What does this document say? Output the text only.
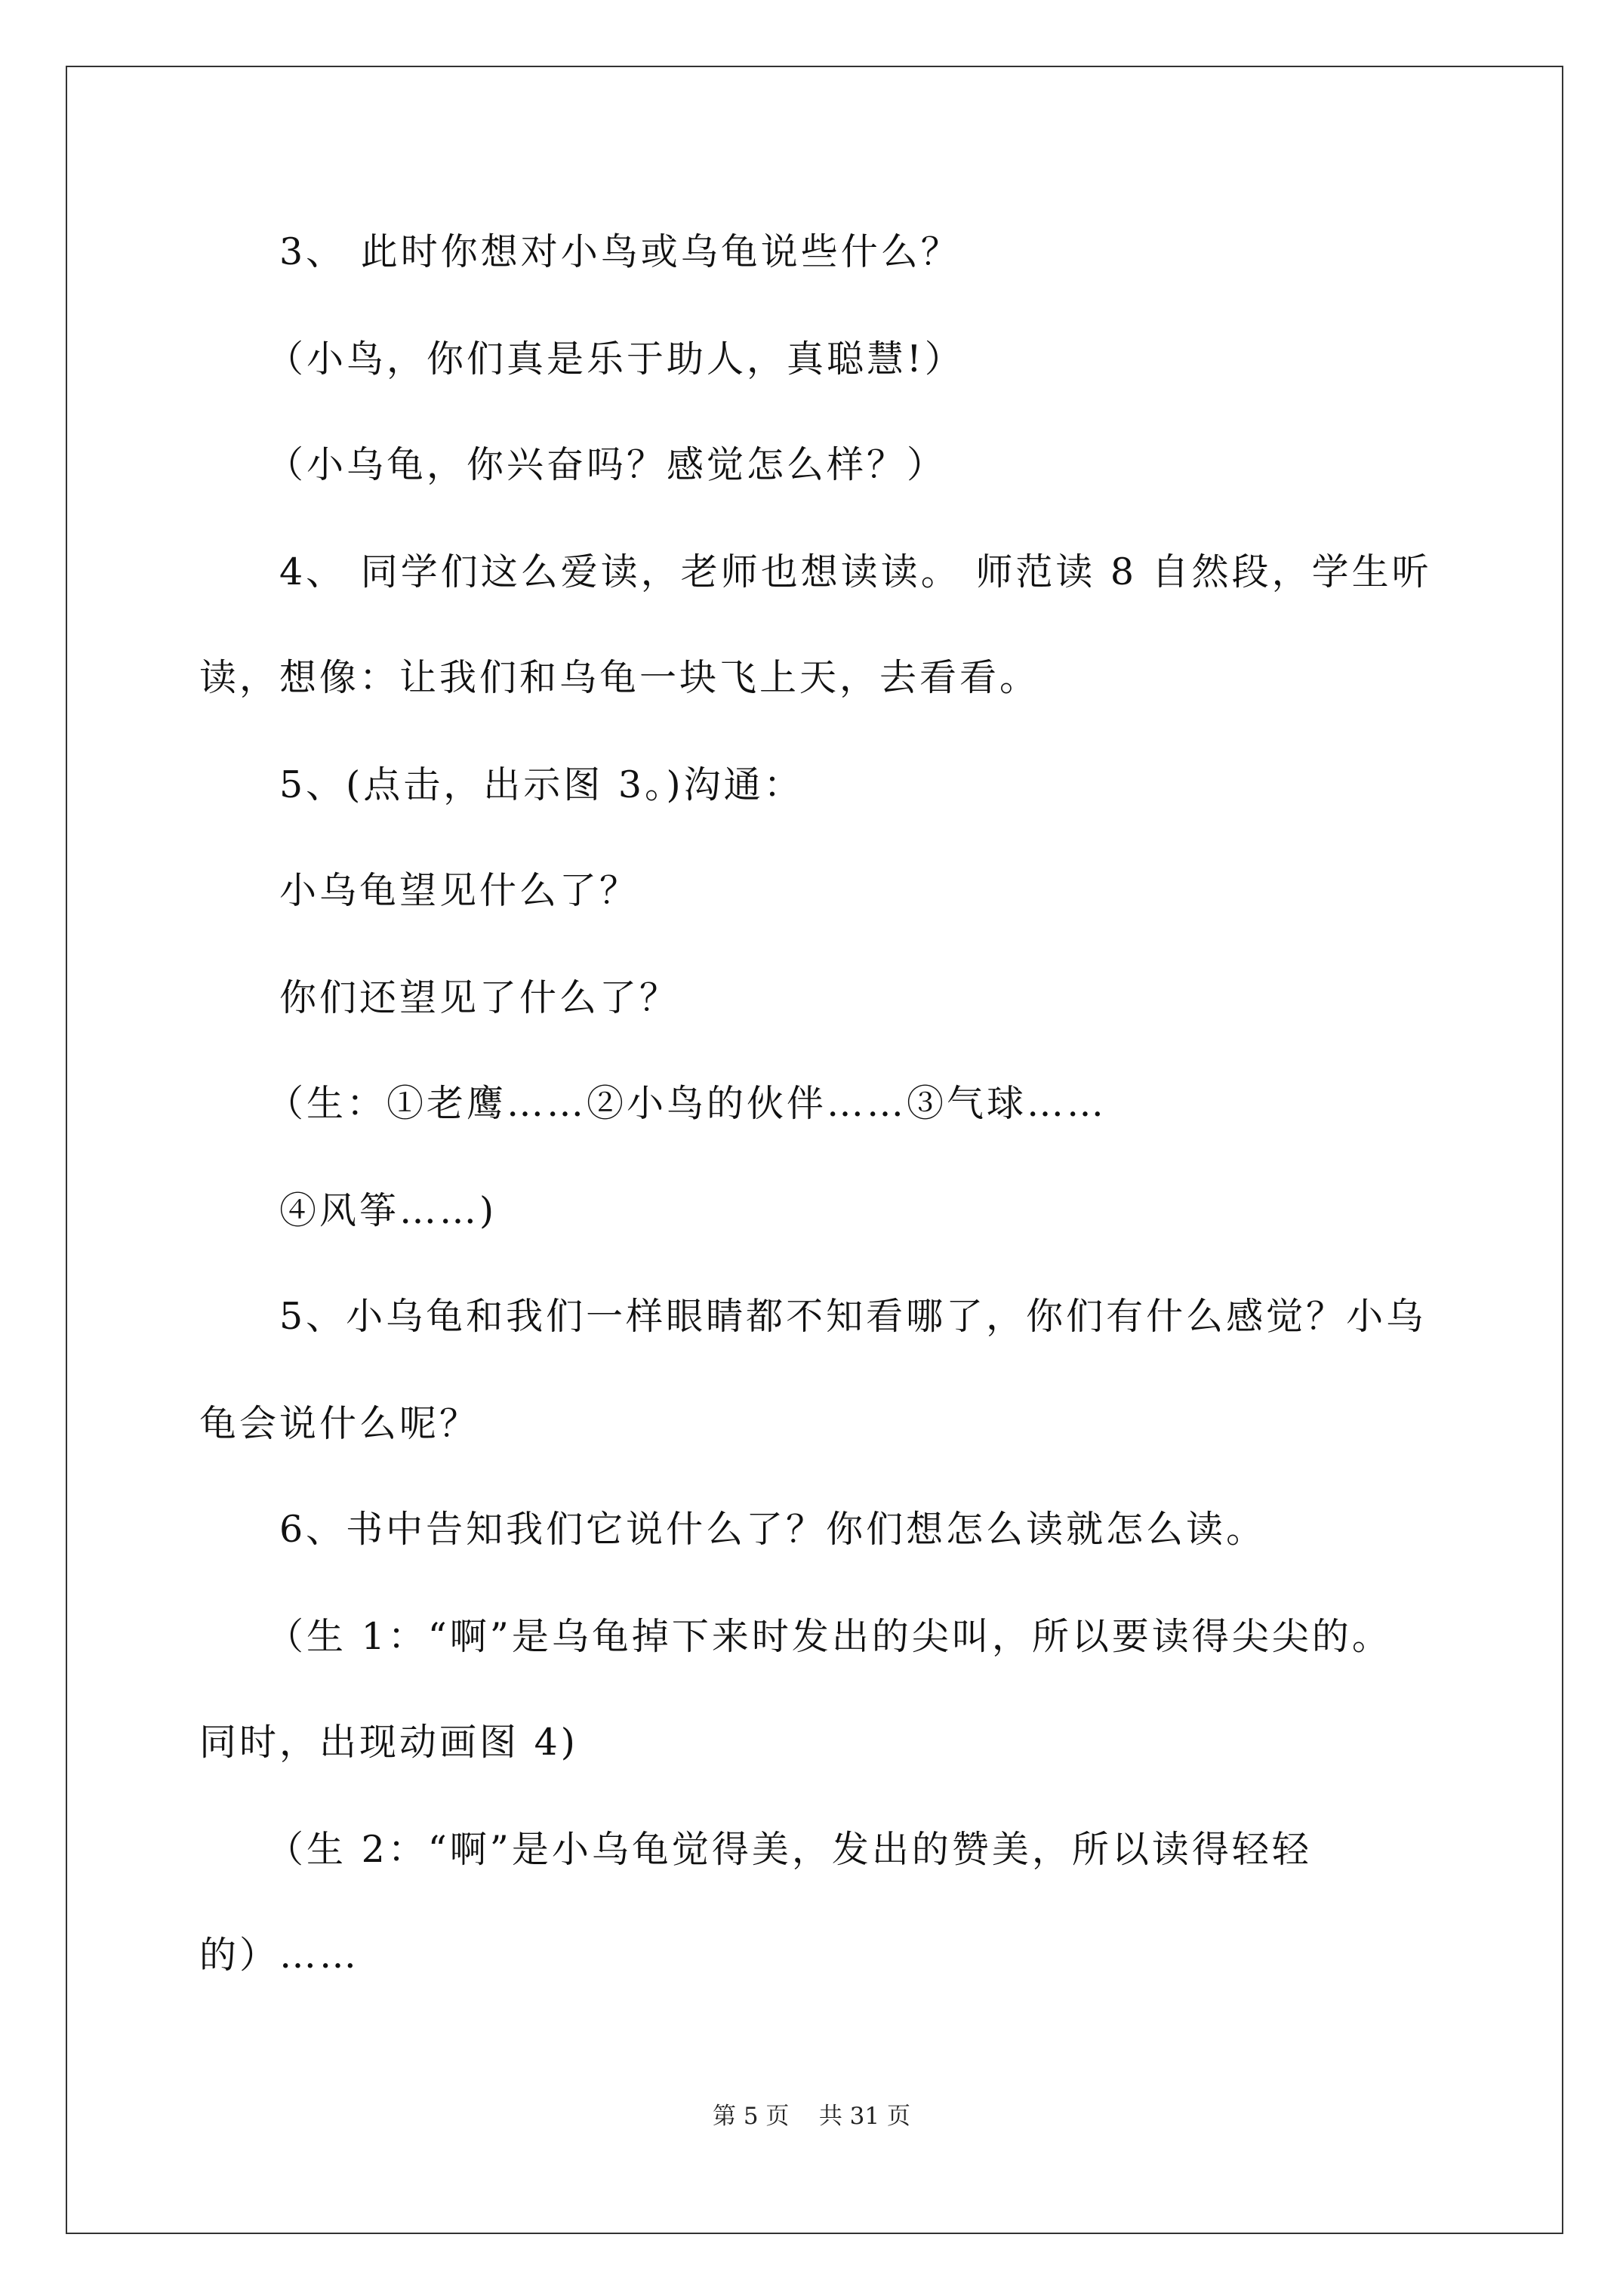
3、 此时你想对小鸟或乌龟说些什么？
（小鸟，你们真是乐于助人，真聪慧!）
（小乌龟，你兴奋吗？感觉怎么样？）
4、 同学们这么爱读，老师也想读读。 师范读 8 自然段，学生听
读，想像：让我们和乌龟一块飞上天，去看看。
5、(点击，出示图 3。)沟通：
小乌龟望见什么了？
你们还望见了什么了？
（生：①老鹰……②小鸟的伙伴……③气球……
④风筝……)
5、小乌龟和我们一样眼睛都不知看哪了，你们有什么感觉？小乌
龟会说什么呢？
6、书中告知我们它说什么了？你们想怎么读就怎么读。
（生 1：“啊”是乌龟掉下来时发出的尖叫，所以要读得尖尖的。
同时，出现动画图 4)
（生 2：“啊”是小乌龟觉得美，发出的赞美，所以读得轻轻
的）……
第 5 页    共 31 页
